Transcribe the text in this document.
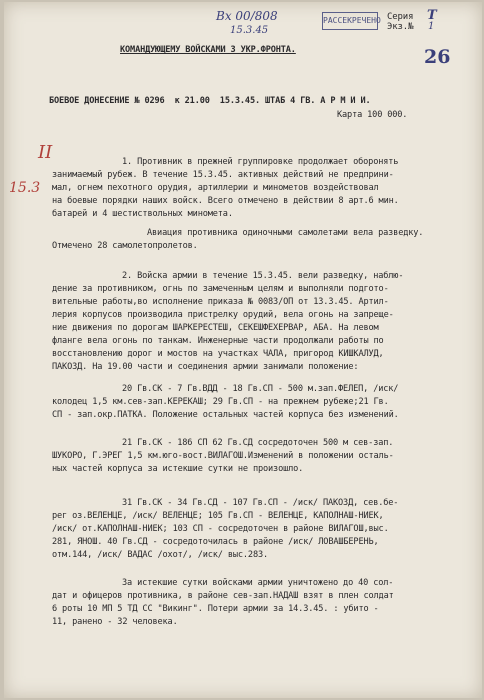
Вх 00/808
15.3.45
РАССЕКРЕЧЕНО Серия Т
Экз.№ 1
26
КОМАНДУЮЩЕМУ ВОЙСКАМИ 3 УКР.ФРОНТА.
БОЕВОЕ ДОНЕСЕНИЕ № 0296  к 21.00  15.3.45. ШТАБ 4 ГВ. А Р М И И.
Карта 100 000.
II
15.3
1. Противник в прежней группировке продолжает оборонять
занимаемый рубеж. В течение 15.3.45. активных действий не предприни-
мал, огнем пехотного орудия, артиллерии и минометов воздействовал
на боевые порядки наших войск. Всего отмечено в действии 8 арт.6 мин.
батарей и 4 шестиствольных миномета.
Авиация противника одиночными самолетами вела разведку.
Отмечено 28 самолетопролетов.
2. Войска армии в течение 15.3.45. вели разведку, наблю-
дение за противником, огнь по замеченным целям и выполняли подгото-
вительные работы,во исполнение приказа № 0083/ОП от 13.3.45. Артил-
лерия корпусов производила пристрелку орудий, вела огонь на запреще-
ние движения по дорогам ШАРКЕРЕСТЕШ, СЕКЕШФЕХЕРВАР, АБА. На левом
фланге вела огонь по танкам. Инженерные части продолжали работы по
восстановлению дорог и мостов на участках ЧАЛА, пригород КИШКАЛУД,
ПАКОЗД. На 19.00 части и соединения армии занимали положение:
20 Гв.СК - 7 Гв.ВДД - 18 Гв.СП - 500 м.зап.ФЕЛЕП, /иск/
колодец 1,5 км.сев-зап.КЕРЕКАШ; 29 Гв.СП - на прежнем рубеже;21 Гв.
СП - зап.окр.ПАТКА. Положение остальных частей корпуса без изменений.
21 Гв.СК - 186 СП 62 Гв.СД сосредоточен 500 м сев-зап.
ШУКОРО, Г.ЭРЕГ 1,5 км.юго-вост.ВИЛАГОШ.Изменений в положении осталь-
ных частей корпуса за истекшие сутки не произошло.
31 Гв.СК - 34 Гв.СД - 107 Гв.СП - /иск/ ПАКОЗД, сев.бе-
рег оз.ВЕЛЕНЦЕ, /иск/ ВЕЛЕНЦЕ; 105 Гв.СП - ВЕЛЕНЦЕ, КАПОЛНАШ-НИЕК,
/иск/ от.КАПОЛНАШ-НИЕК; 103 СП - сосредоточен в районе ВИЛАГОШ,выс.
281, ЯНОШ. 40 Гв.СД - сосредоточилась в районе /иск/ ЛОВАШБЕРЕНЬ,
отм.144, /иск/ ВАДАС /охот/, /иск/ выс.283.
За истекшие сутки войсками армии уничтожено до 40 сол-
дат и офицеров противника, в районе сев-зап.НАДАШ взят в плен солдат
6 роты 10 МП 5 ТД СС "Викинг". Потери армии за 14.3.45. : убито -
11, ранено - 32 человека.
